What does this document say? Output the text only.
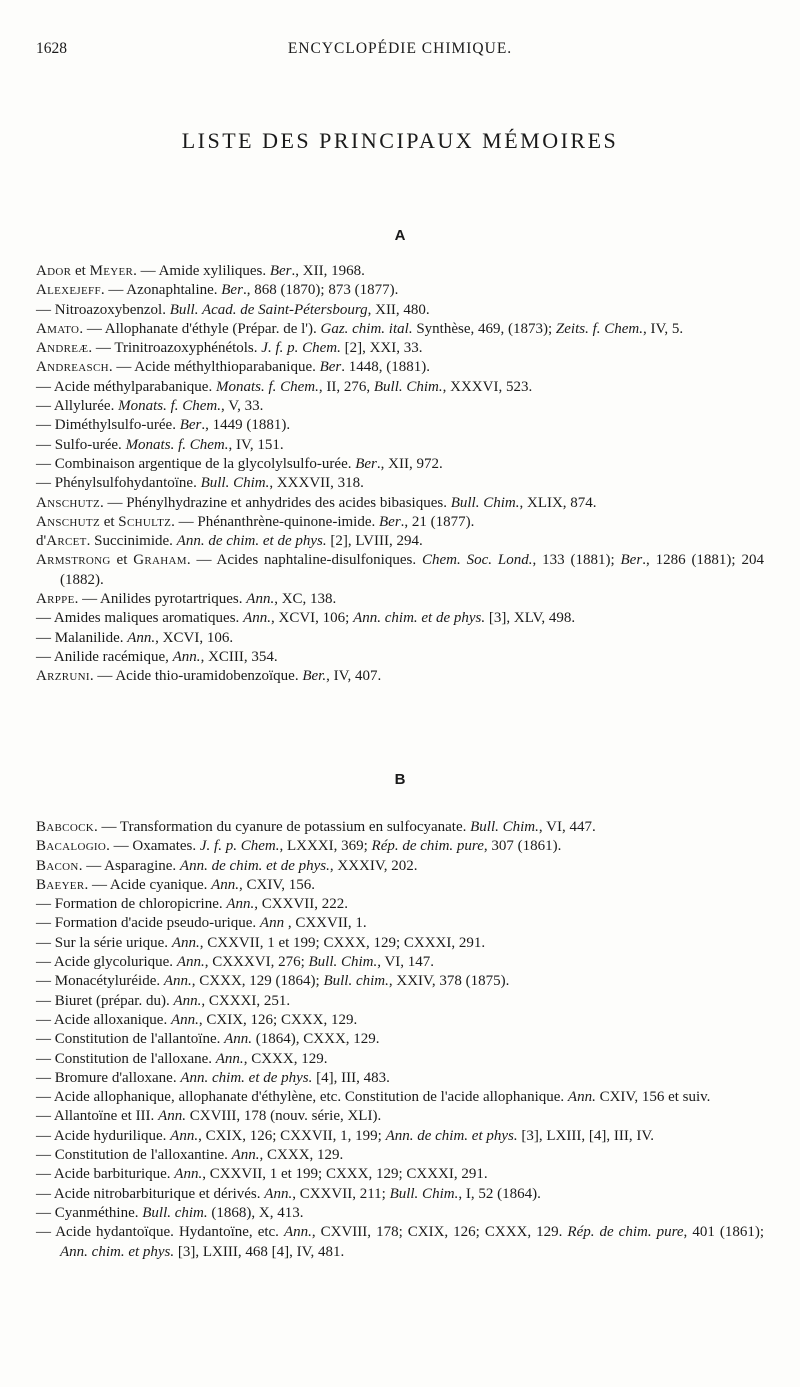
1628	ENCYCLOPÉDIE CHIMIQUE.
LISTE DES PRINCIPAUX MÉMOIRES
A

Ador et Meyer. — Amide xyliliques. Ber., XII, 1968.

Alexejeff. — Azonaphtaline. Ber., 868 (1870); 873 (1877).

— Nitroazoxybenzol. Bull. Acad. de Saint-Pétersbourg, XII, 480.

Amato. — Allophanate d'éthyle (Prépar. de l'). Gaz. chim. ital. Synthèse, 469, (1873); Zeits. f. Chem., IV, 5.

Andreæ. — Trinitroazoxyphénétols. J. f. p. Chem. [2], XXI, 33.

Andreasch. — Acide méthylthioparabanique. Ber. 1448, (1881).

— Acide méthylparabanique. Monats. f. Chem., II, 276, Bull. Chim., XXXVI, 523.

— Allylurée. Monats. f. Chem., V, 33.

— Diméthylsulfo-urée. Ber., 1449 (1881).

— Sulfo-urée. Monats. f. Chem., IV, 151.

— Combinaison argentique de la glycolylsulfo-urée. Ber., XII, 972.

— Phénylsulfohydantoïne. Bull. Chim., XXXVII, 318.

Anschutz. — Phénylhydrazine et anhydrides des acides bibasiques. Bull. Chim., XLIX, 874.

Anschutz et Schultz. — Phénanthrène-quinone-imide. Ber., 21 (1877).

d'Arcet. Succinimide. Ann. de chim. et de phys. [2], LVIII, 294.

Armstrong et Graham. — Acides naphtaline-disulfoniques. Chem. Soc. Lond., 133 (1881); Ber., 1286 (1881); 204 (1882).

Arppe. — Anilides pyrotartriques. Ann., XC, 138.

— Amides maliques aromatiques. Ann., XCVI, 106; Ann. chim. et de phys. [3], XLV, 498.

— Malanilide. Ann., XCVI, 106.

— Anilide racémique, Ann., XCIII, 354.

Arzruni. — Acide thio-uramidobenzoïque. Ber., IV, 407.

B

Babcock. — Transformation du cyanure de potassium en sulfocyanate. Bull. Chim., VI, 447.

Bacalogio. — Oxamates. J. f. p. Chem., LXXXI, 369; Rép. de chim. pure, 307 (1861).

Bacon. — Asparagine. Ann. de chim. et de phys., XXXIV, 202.

Baeyer. — Acide cyanique. Ann., CXIV, 156.

— Formation de chloropicrine. Ann., CXXVII, 222.

— Formation d'acide pseudo-urique. Ann , CXXVII, 1.

— Sur la série urique. Ann., CXXVII, 1 et 199; CXXX, 129; CXXXI, 291.

— Acide glycolurique. Ann., CXXXVI, 276; Bull. Chim., VI, 147.

— Monacétyluréide. Ann., CXXX, 129 (1864); Bull. chim., XXIV, 378 (1875).

— Biuret (prépar. du). Ann., CXXXI, 251.

— Acide alloxanique. Ann., CXIX, 126; CXXX, 129.

— Constitution de l'allantoïne. Ann. (1864), CXXX, 129.

— Constitution de l'alloxane. Ann., CXXX, 129.

— Bromure d'alloxane. Ann. chim. et de phys. [4], III, 483.

— Acide allophanique, allophanate d'éthylène, etc. Constitution de l'acide allophanique. Ann. CXIV, 156 et suiv.

— Allantoïne et III. Ann. CXVIII, 178 (nouv. série, XLI).

— Acide hydurilique. Ann., CXIX, 126; CXXVII, 1, 199; Ann. de chim. et phys. [3], LXIII, [4], III, IV.

— Constitution de l'alloxantine. Ann., CXXX, 129.

— Acide barbiturique. Ann., CXXVII, 1 et 199; CXXX, 129; CXXXI, 291.

— Acide nitrobarbiturique et dérivés. Ann., CXXVII, 211; Bull. Chim., I, 52 (1864).

— Cyanméthine. Bull. chim. (1868), X, 413.

— Acide hydantoïque. Hydantoïne, etc. Ann., CXVIII, 178; CXIX, 126; CXXX, 129. Rép. de chim. pure, 401 (1861); Ann. chim. et phys. [3], LXIII, 468 [4], IV, 481.
